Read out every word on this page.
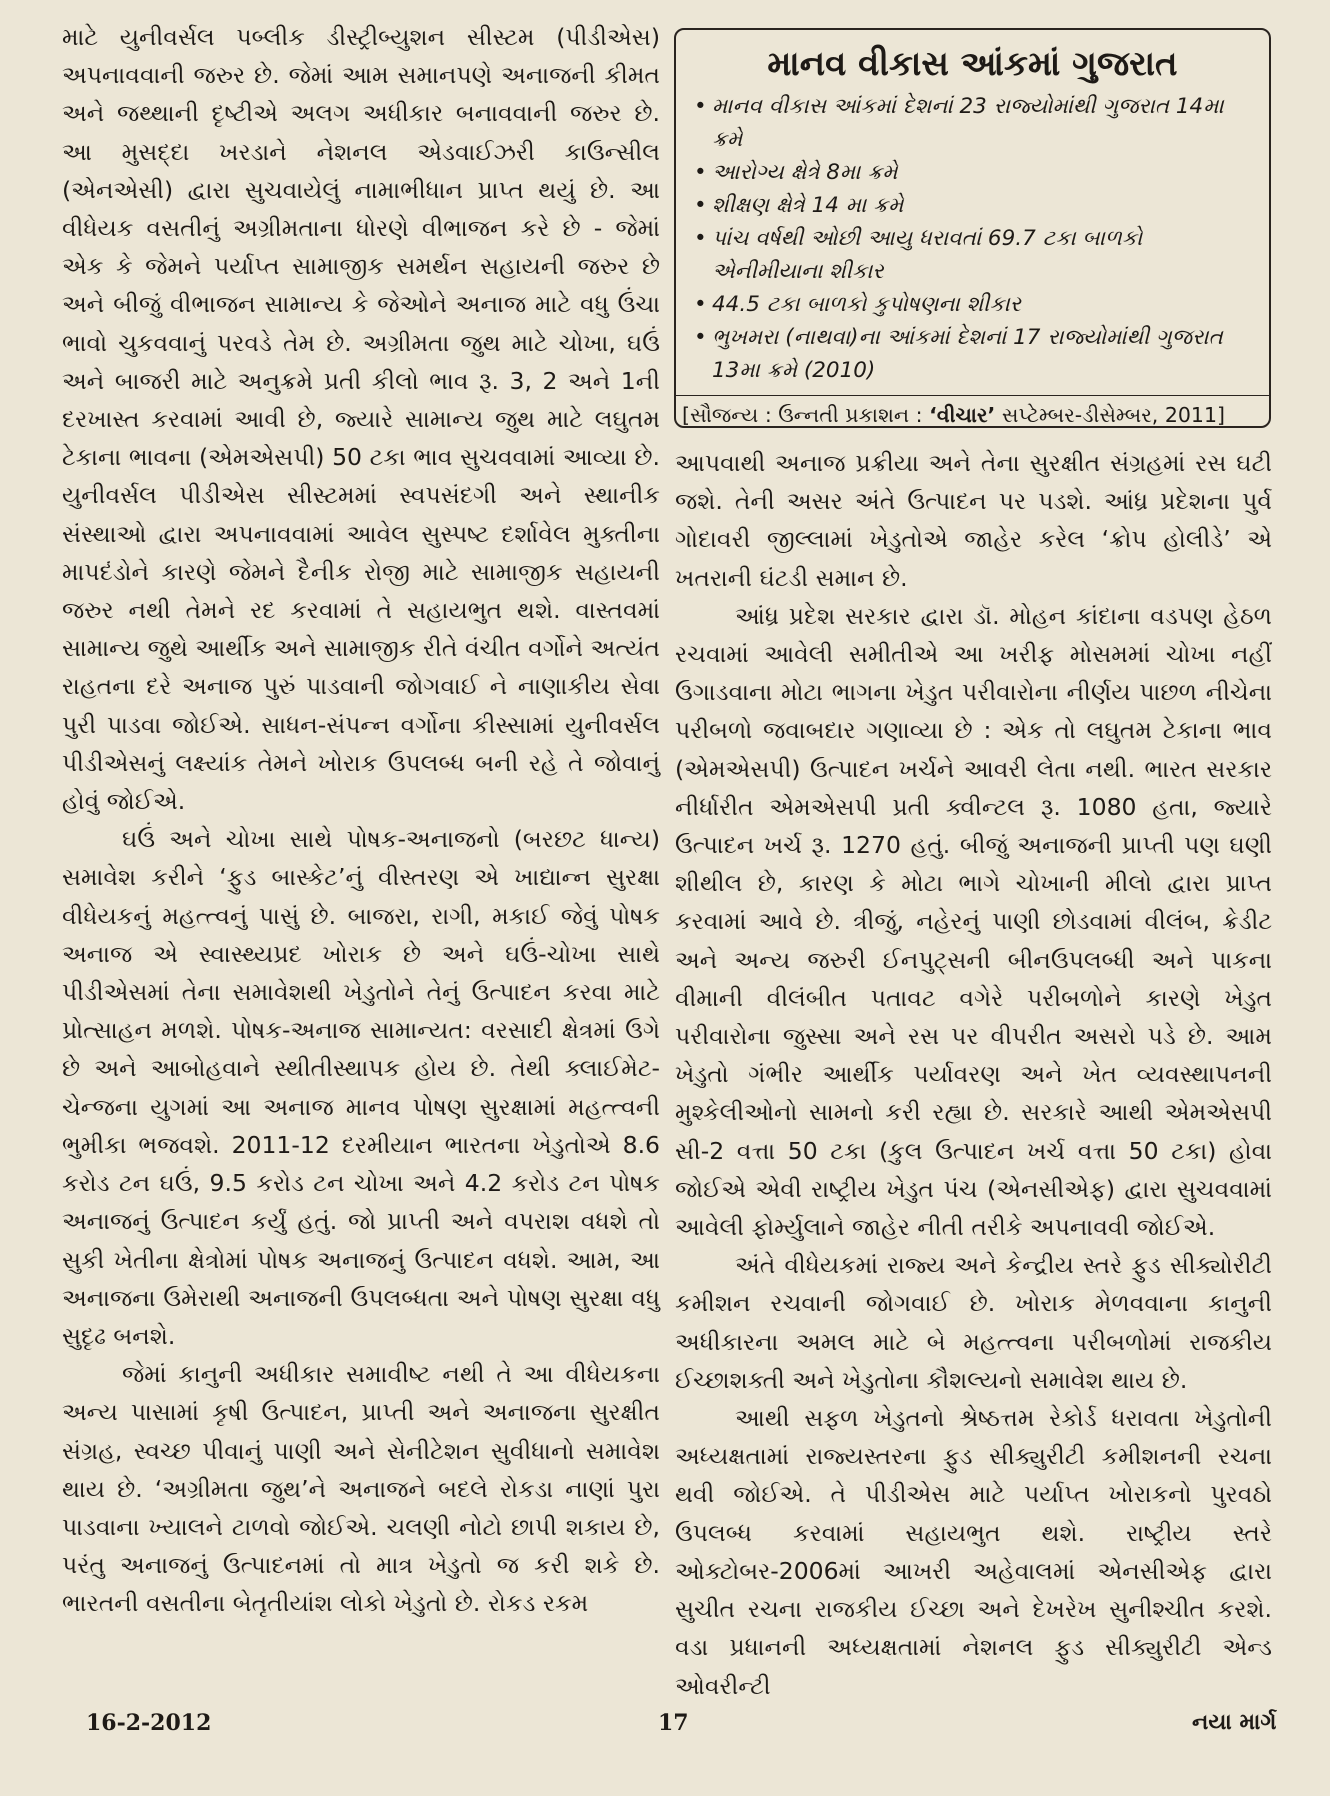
માટે યુનીવર્સલ પબ્લીક ડીસ્ટ્રીબ્યુશન સીસ્ટમ (પીડીએસ) અપનાવવાની જરુર છે. જેમાં આમ સમાનપણે અનાજની કીમત અને જથ્થાની દૃષ્ટીએ અલગ અધીકાર બનાવવાની જરુર છે. આ મુસદ્દા ખરડાને નેશનલ એડવાઈઝરી કાઉન્સીલ (એનએસી) દ્વારા સુચવાયેલું નામાભીધાન પ્રાપ્ત થયું છે. આ વીધેયક વસતીનું અગ્રીમતાના ધોરણે વીભાજન કરે છે - જેમાં એક કે જેમને પર્યાપ્ત સામાજીક સમર્થન સહાયની જરુર છે અને બીજું વીભાજન સામાન્ય કે જેઓને અનાજ માટે વધુ ઉંચા ભાવો ચુકવવાનું પરવડે તેમ છે. અગ્રીમતા જુથ માટે ચોખા, ઘઉં અને બાજરી માટે અનુક્રમે પ્રતી કીલો ભાવ રૂ. 3, 2 અને 1ની દરખાસ્ત કરવામાં આવી છે, જ્યારે સામાન્ય જુથ માટે લઘુતમ ટેકાના ભાવના (એમએસપી) 50 ટકા ભાવ સુચવવામાં આવ્યા છે. યુનીવર્સલ પીડીએસ સીસ્ટમમાં સ્વપસંદગી અને સ્થાનીક સંસ્થાઓ દ્વારા અપનાવવામાં આવેલ સુસ્પષ્ટ દર્શાવેલ મુક્તીના માપદંડોને કારણે જેમને દૈનીક રોજી માટે સામાજીક સહાયની જરુર નથી તેમને રદ કરવામાં તે સહાયભુત થશે. વાસ્તવમાં સામાન્ય જુથે આર્થીક અને સામાજીક રીતે વંચીત વર્ગોને અત્યંત રાહતના દરે અનાજ પુરું પાડવાની જોગવાઈ ને નાણાકીય સેવા પુરી પાડવા જોઈએ. સાધન-સંપન્ન વર્ગોના કીસ્સામાં યુનીવર્સલ પીડીએસનું લક્ષ્યાંક તેમને ખોરાક ઉપલબ્ધ બની રહે તે જોવાનું હોવું જોઈએ.

ઘઉં અને ચોખા સાથે પોષક-અનાજનો (બરછટ ધાન્ય) સમાવેશ કરીને ‘ફુડ બાસ્કેટ’નું વીસ્તરણ એ ખાદ્યાન્ન સુરક્ષા વીધેયકનું મહત્ત્વનું પાસું છે. બાજરા, રાગી, મકાઈ જેવું પોષક અનાજ એ સ્વાસ્થ્યપ્રદ ખોરાક છે અને ઘઉં-ચોખા સાથે પીડીએસમાં તેના સમાવેશથી ખેડુતોને તેનું ઉત્પાદન કરવા માટે પ્રોત્સાહન મળશે. પોષક-અનાજ સામાન્યત: વરસાદી ક્ષેત્રમાં ઉગે છે અને આબોહવાને સ્થીતીસ્થાપક હોય છે. તેથી ક્લાઈમેટ-ચેન્જના યુગમાં આ અનાજ માનવ પોષણ સુરક્ષામાં મહત્ત્વની ભુમીકા ભજવશે. 2011-12 દરમીયાન ભારતના ખેડુતોએ 8.6 કરોડ ટન ઘઉં, 9.5 કરોડ ટન ચોખા અને 4.2 કરોડ ટન પોષક અનાજનું ઉત્પાદન કર્યું હતું. જો પ્રાપ્તી અને વપરાશ વધશે તો સુકી ખેતીના ક્ષેત્રોમાં પોષક અનાજનું ઉત્પાદન વધશે. આમ, આ અનાજના ઉમેરાથી અનાજની ઉપલબ્ધતા અને પોષણ સુરક્ષા વધુ સુદૃઢ બનશે.

જેમાં કાનુની અધીકાર સમાવીષ્ટ નથી તે આ વીધેયકના અન્ય પાસામાં કૃષી ઉત્પાદન, પ્રાપ્તી અને અનાજના સુરક્ષીત સંગ્રહ, સ્વચ્છ પીવાનું પાણી અને સેનીટેશન સુવીધાનો સમાવેશ થાય છે. ‘અગ્રીમતા જુથ’ને અનાજને બદલે રોકડા નાણાં પુરા પાડવાના ખ્યાલને ટાળવો જોઈએ. ચલણી નોટો છાપી શકાય છે, પરંતુ અનાજનું ઉત્પાદનમાં તો માત્ર ખેડુતો જ કરી શકે છે. ભારતની વસતીના બેતૃતીયાંશ લોકો ખેડુતો છે. રોકડ રકમ

માનવ વીકાસ આંકમાં ગુજરાત
• માનવ વીકાસ આંકમાં દેશનાં 23 રાજ્યોમાંથી ગુજરાત 14મા ક્રમે
• આરોગ્ય ક્ષેત્રે 8મા ક્રમે
• શીક્ષણ ક્ષેત્રે 14 મા ક્રમે
• પાંચ વર્ષથી ઓછી આયુ ધરાવતાં 69.7 ટકા બાળકો એનીમીયાના શીકાર
• 44.5 ટકા બાળકો કુપોષણના શીકાર
• ભુખમરા (નાથવા)ના આંકમાં દેશનાં 17 રાજ્યોમાંથી ગુજરાત 13મા ક્રમે (2010)
[સૌજન્ય : ઉન્નતી પ્રકાશન : ‘વીચાર’ સપ્ટેમ્બર-ડીસેમ્બર, 2011]

આપવાથી અનાજ પ્રક્રીયા અને તેના સુરક્ષીત સંગ્રહમાં રસ ઘટી જશે. તેની અસર અંતે ઉત્પાદન પર પડશે. આંધ્ર પ્રદેશના પુર્વ ગોદાવરી જીલ્લામાં ખેડુતોએ જાહેર કરેલ ‘ક્રોપ હોલીડે’ એ ખતરાની ઘંટડી સમાન છે.

આંધ્ર પ્રદેશ સરકાર દ્વારા ડૉ. મોહન કાંદાના વડપણ હેઠળ રચવામાં આવેલી સમીતીએ આ ખરીફ મોસમમાં ચોખા નહીં ઉગાડવાના મોટા ભાગના ખેડુત પરીવારોના નીર્ણય પાછળ નીચેના પરીબળો જવાબદાર ગણાવ્યા છે : એક તો લઘુતમ ટેકાના ભાવ (એમએસપી) ઉત્પાદન ખર્ચને આવરી લેતા નથી. ભારત સરકાર નીર્ધારીત એમએસપી પ્રતી ક્વીન્ટલ રૂ. 1080 હતા, જ્યારે ઉત્પાદન ખર્ચ રૂ. 1270 હતું. બીજું અનાજની પ્રાપ્તી પણ ઘણી શીથીલ છે, કારણ કે મોટા ભાગે ચોખાની મીલો દ્વારા પ્રાપ્ત કરવામાં આવે છે. ત્રીજું, નહેરનું પાણી છોડવામાં વીલંબ, ક્રેડીટ અને અન્ય જરુરી ઈનપુટ્સની બીનઉપલબ્ધી અને પાકના વીમાની વીલંબીત પતાવટ વગેરે પરીબળોને કારણે ખેડુત પરીવારોના જુસ્સા અને રસ પર વીપરીત અસરો પડે છે. આમ ખેડુતો ગંભીર આર્થીક પર્યાવરણ અને ખેત વ્યવસ્થાપનની મુશ્કેલીઓનો સામનો કરી રહ્યા છે. સરકારે આથી એમએસપી સી-2 વત્તા 50 ટકા (કુલ ઉત્પાદન ખર્ચ વત્તા 50 ટકા) હોવા જોઈએ એવી રાષ્ટ્રીય ખેડુત પંચ (એનસીએફ) દ્વારા સુચવવામાં આવેલી ફોર્મ્યુલાને જાહેર નીતી તરીકે અપનાવવી જોઈએ.

અંતે વીધેયકમાં રાજ્ય અને કેન્દ્રીય સ્તરે ફુડ સીક્યોરીટી કમીશન રચવાની જોગવાઈ છે. ખોરાક મેળવવાના કાનુની અધીકારના અમલ માટે બે મહત્ત્વના પરીબળોમાં રાજકીય ઈચ્છાશક્તી અને ખેડુતોના કૌશલ્યનો સમાવેશ થાય છે.

આથી સફળ ખેડુતનો શ્રેષ્ઠત્તમ રેકોર્ડ ધરાવતા ખેડુતોની અધ્યક્ષતામાં રાજ્યસ્તરના ફુડ સીક્યુરીટી કમીશનની રચના થવી જોઈએ. તે પીડીએસ માટે પર્યાપ્ત ખોરાકનો પુરવઠો ઉપલબ્ધ કરવામાં સહાયભુત થશે. રાષ્ટ્રીય સ્તરે ઓક્ટોબર-2006માં આખરી અહેવાલમાં એનસીએફ દ્વારા સુચીત રચના રાજકીય ઈચ્છા અને દેખરેખ સુનીશ્ચીત કરશે. વડા પ્રધાનની અધ્યક્ષતામાં નેશનલ ફુડ સીક્યુરીટી એન્ડ ઓવરીન્ટી

16-2-2012	17	નયા માર્ગ
